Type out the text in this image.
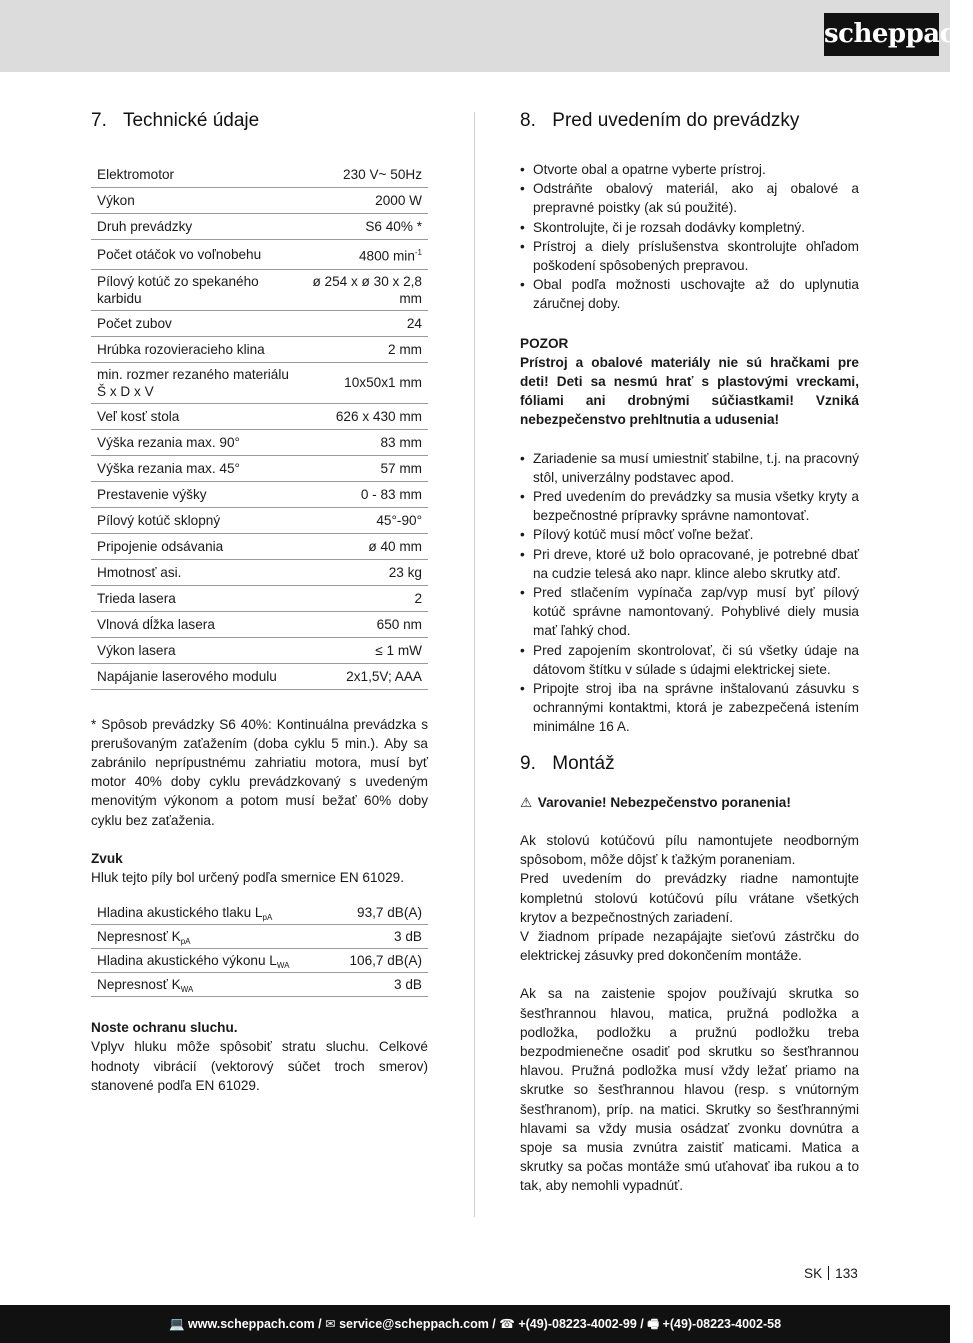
scheppach
7. Technické údaje
Elektromotor	230 V~ 50Hz
Výkon	2000 W
Druh prevádzky	S6 40% *
Počet otáčok vo voľnobehu	4800 $\min^{-1}$
Pílový kotúč zo spekaného karbidu	ø 254 x ø 30 x 2,8 mm
Počet zubov	24
Hrúbka rozovieracieho klina	2 mm
min. rozmer rezaného materiálu Š x D x V	10x50x1 mm
Veľ kosť stola	626 x 430 mm
Výška rezania max. 90°	83 mm
Výška rezania max. 45°	57 mm
Prestavenie výšky	0 - 83 mm
Pílový kotúč sklopný	45°-90°
Pripojenie odsávania	ø 40 mm
Hmotnosť asi.	23 kg
Trieda lasera	2
Vlnová dĺžka lasera	650 nm
Výkon lasera	≤ 1 mW
Napájanie laserového modulu	2x1,5V; AAA

* Spôsob prevádzky S6 40%: Kontinuálna prevádzka s prerušovaným zaťažením (doba cyklu 5 min.). Aby sa zabránilo neprípustnému zahriatiu motora, musí byť motor 40% doby cyklu prevádzkovaný s uvedeným menovitým výkonom a potom musí bežať 60% doby cyklu bez zaťaženia.

Zvuk

Hluk tejto píly bol určený podľa smernice EN 61029.

Hladina akustického tlaku $L_{pA}$	93,7 dB(A)
Nepresnosť $K_{pA}$	3 dB
Hladina akustického výkonu $L_{WA}$	106,7 dB(A)
Nepresnosť $K_{WA}$	3 dB

Noste ochranu sluchu.

Vplyv hluku môže spôsobiť stratu sluchu. Celkové hodnoty vibrácií (vektorový súčet troch smerov) stanovené podľa EN 61029.

8. Pred uvedením do prevádzky
• Otvorte obal a opatrne vyberte prístroj.
• Odstráňte obalový materiál, ako aj obalové a prepravné poistky (ak sú použité).
• Skontrolujte, či je rozsah dodávky kompletný.
• Prístroj a diely príslušenstva skontrolujte ohľadom poškodení spôsobených prepravou.
• Obal podľa možnosti uschovajte až do uplynutia záručnej doby.

POZOR

Prístroj a obalové materiály nie sú hračkami pre deti! Deti sa nesmú hrať s plastovými vreckami, fóliami ani drobnými súčiastkami! Vzniká nebezpečenstvo prehltnutia a udusenia!

• Zariadenie sa musí umiestniť stabilne, t.j. na pracovný stôl, univerzálny podstavec apod.
• Pred uvedením do prevádzky sa musia všetky kryty a bezpečnostné prípravky správne namontovať.
• Pílový kotúč musí môcť voľne bežať.
• Pri dreve, ktoré už bolo opracované, je potrebné dbať na cudzie telesá ako napr. klince alebo skrutky atď.
• Pred stlačením vypínača zap/vyp musí byť pílový kotúč správne namontovaný. Pohyblivé diely musia mať ľahký chod.
• Pred zapojením skontrolovať, či sú všetky údaje na dátovom štítku v súlade s údajmi elektrickej siete.
• Pripojte stroj iba na správne inštalovanú zásuvku s ochrannými kontaktmi, ktorá je zabezpečená istením minimálne 16 A.
9. Montáž

⚠ Varovanie! Nebezpečenstvo poranenia!

Ak stolovú kotúčovú pílu namontujete neodborným spôsobom, môže dôjsť k ťažkým poraneniam.

Pred uvedením do prevádzky riadne namontujte kompletnú stolovú kotúčovú pílu vrátane všetkých krytov a bezpečnostných zariadení.

V žiadnom prípade nezapájajte sieťovú zástrčku do elektrickej zásuvky pred dokončením montáže.

Ak sa na zaistenie spojov používajú skrutka so šesťhrannou hlavou, matica, pružná podložka a podložka, podložku a pružnú podložku treba bezpodmienečne osadiť pod skrutku so šesťhrannou hlavou. Pružná podložka musí vždy ležať priamo na skrutke so šesťhrannou hlavou (resp. s vnútorným šesťhranom), príp. na matici. Skrutky so šesťhrannými hlavami sa vždy musia osádzať zvonku dovnútra a spoje sa musia zvnútra zaistiť maticami. Matica a skrutky sa počas montáže smú uťahovať iba rukou a to tak, aby nemohli vypadnúť.

SK 133
💻 www.scheppach.com / ✉ service@scheppach.com / ☎ +(49)-08223-4002-99 / 🖷 +(49)-08223-4002-58
